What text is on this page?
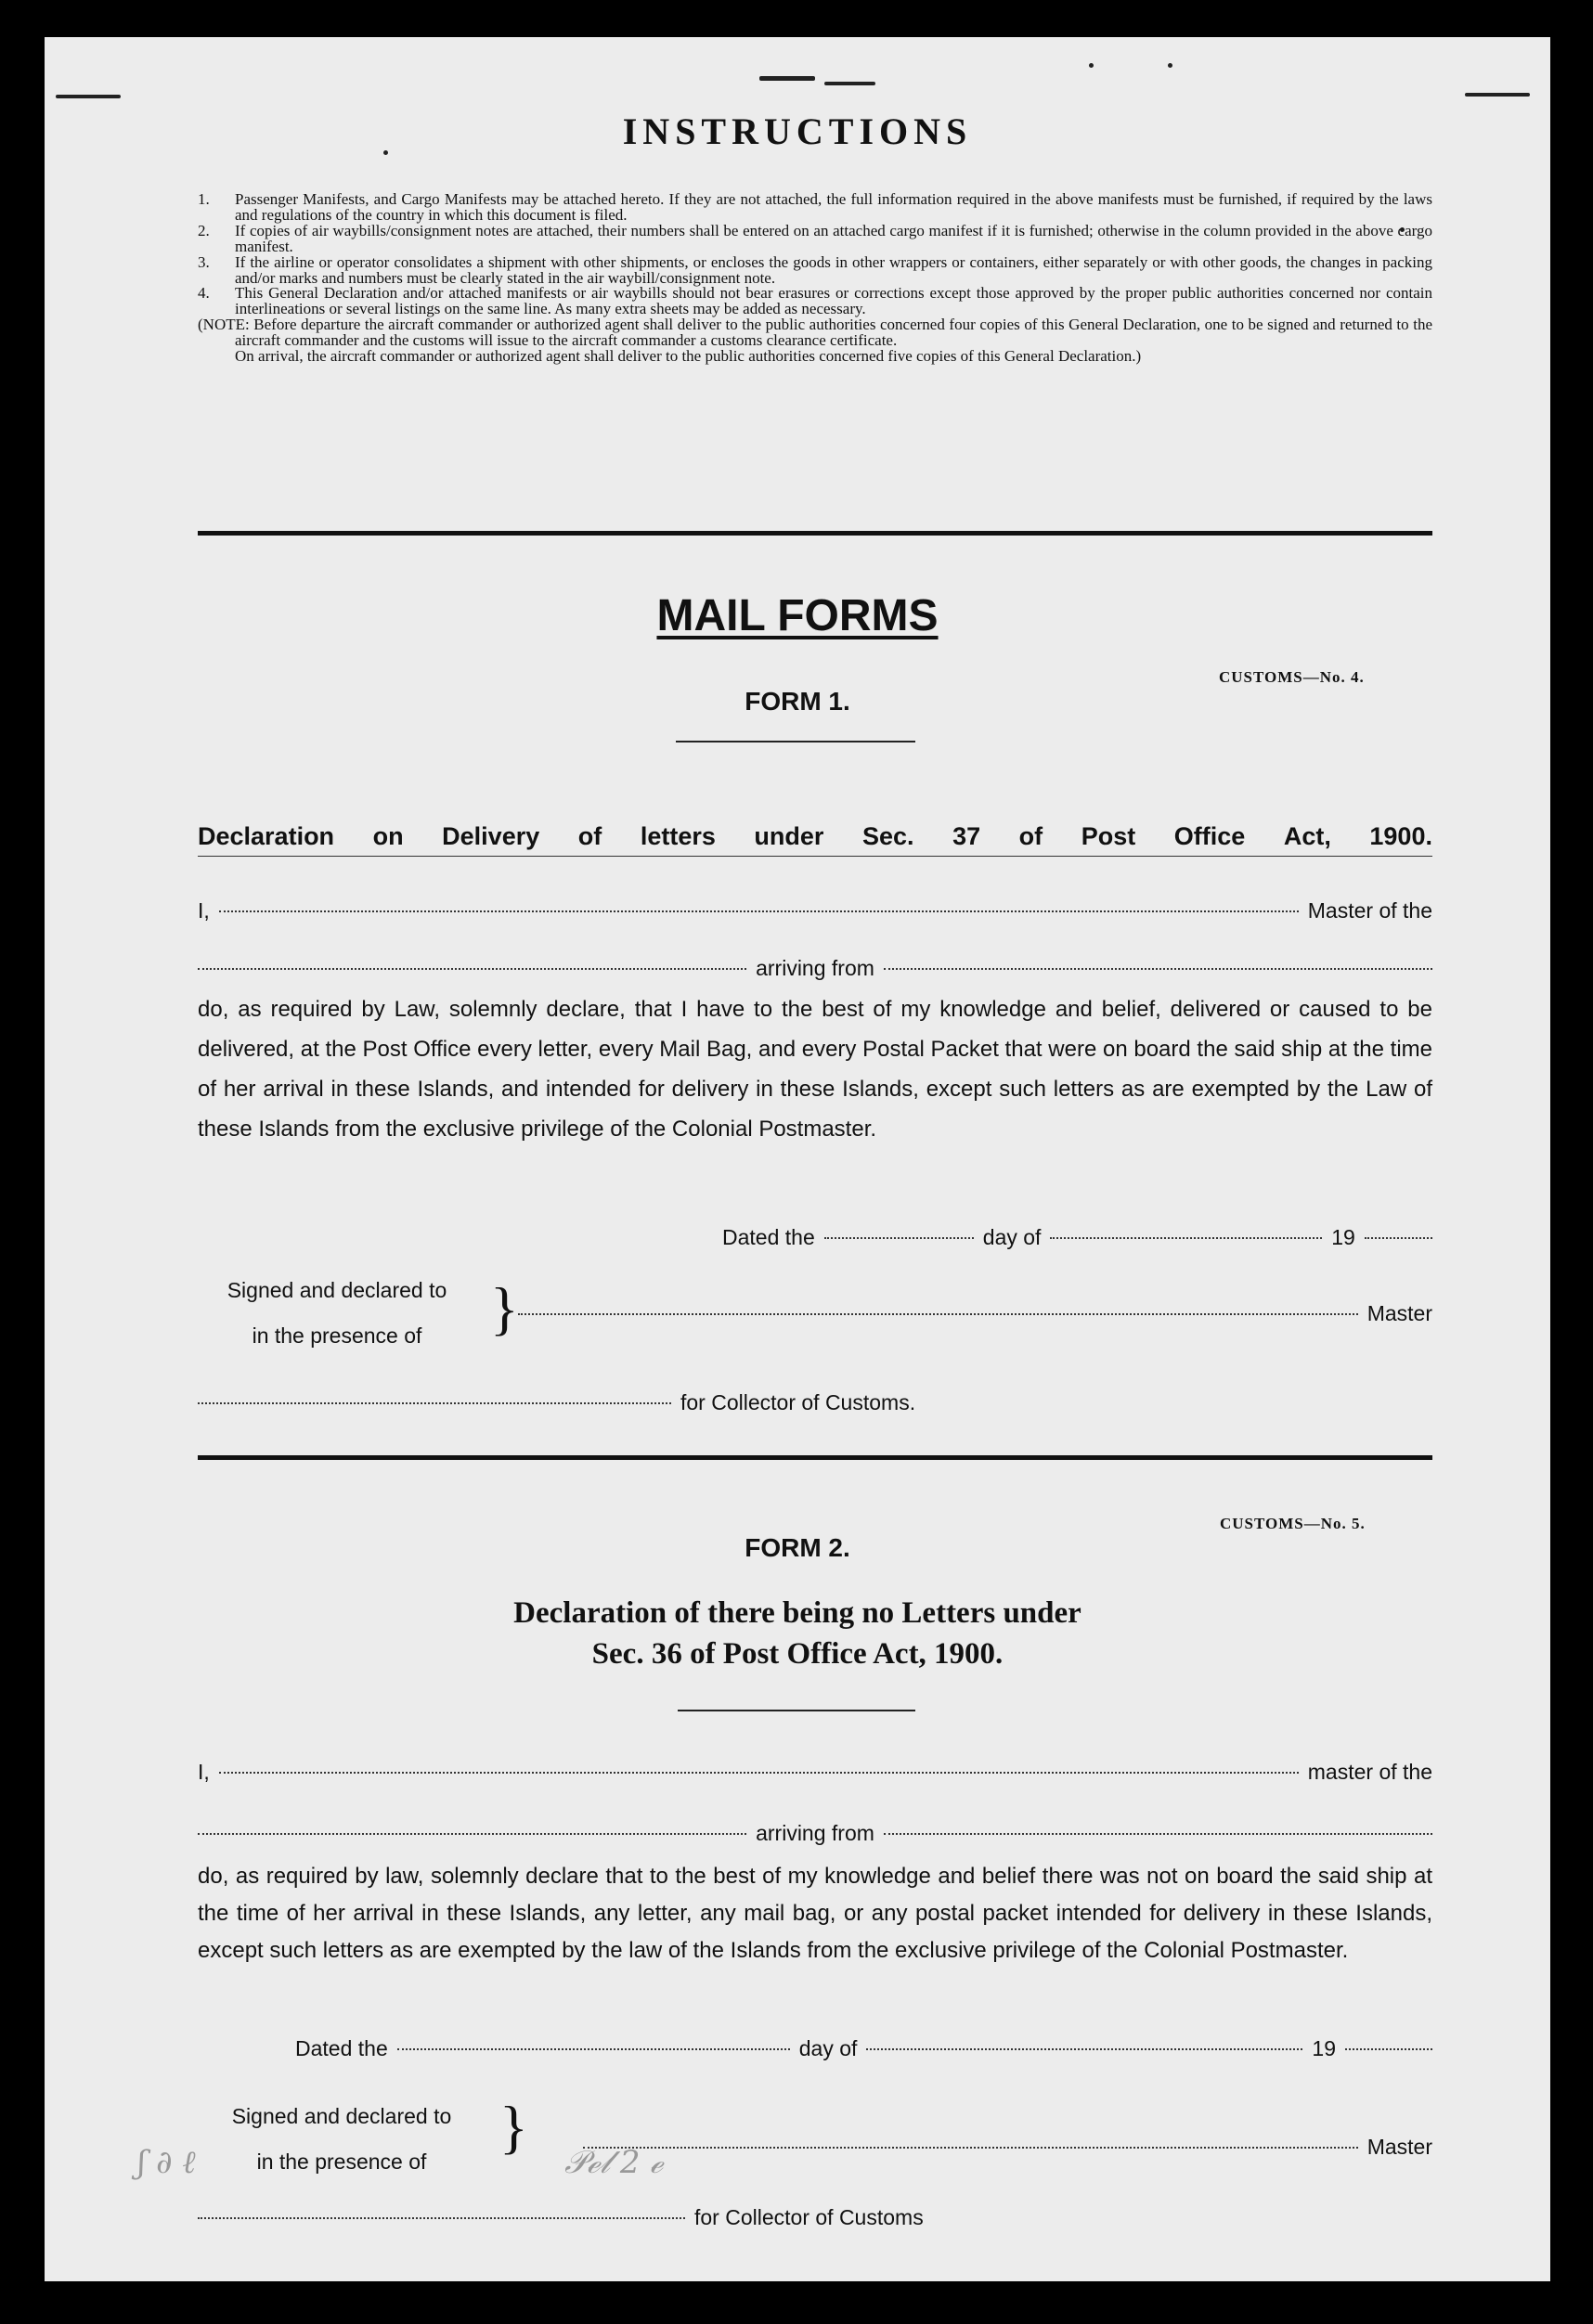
INSTRUCTIONS
1.	Passenger Manifests, and Cargo Manifests may be attached hereto. If they are not attached, the full information required in the above manifests must be furnished, if required by the laws and regulations of the country in which this document is filed.
2.	If copies of air waybills/consignment notes are attached, their numbers shall be entered on an attached cargo manifest if it is furnished; otherwise in the column provided in the above cargo manifest.
3.	If the airline or operator consolidates a shipment with other shipments, or encloses the goods in other wrappers or containers, either separately or with other goods, the changes in packing and/or marks and numbers must be clearly stated in the air waybill/consignment note.
4.	This General Declaration and/or attached manifests or air waybills should not bear erasures or corrections except those approved by the proper public authorities concerned nor contain interlineations or several listings on the same line. As many extra sheets may be added as necessary.
(NOTE: Before departure the aircraft commander or authorized agent shall deliver to the public authorities concerned four copies of this General Declaration, one to be signed and returned to the aircraft commander and the customs will issue to the aircraft commander a customs clearance certificate.
On arrival, the aircraft commander or authorized agent shall deliver to the public authorities concerned five copies of this General Declaration.)
MAIL FORMS
CUSTOMS—No. 4.
FORM 1.
Declaration on Delivery of letters under Sec. 37 of Post Office Act, 1900.
I,	Master of the
arriving from
do, as required by Law, solemnly declare, that I have to the best of my knowledge and belief, delivered or caused to be delivered, at the Post Office every letter, every Mail Bag, and every Postal Packet that were on board the said ship at the time of her arrival in these Islands, and intended for delivery in these Islands, except such letters as are exempted by the Law of these Islands from the exclusive privilege of the Colonial Postmaster.
Dated the	day of	19
Signed and declared to
in the presence of	}	Master
for Collector of Customs.
CUSTOMS—No. 5.
FORM 2.
Declaration of there being no Letters under
Sec. 36 of Post Office Act, 1900.
I,	master of the
arriving from
do, as required by law, solemnly declare that to the best of my knowledge and belief there was not on board the said ship at the time of her arrival in these Islands, any letter, any mail bag, or any postal packet intended for delivery in these Islands, except such letters as are exempted by the law of the Islands from the exclusive privilege of the Colonial Postmaster.
Dated the	day of	19
Signed and declared to
in the presence of
}
ʃ ∂ ℓ	𝒫ℯ𝓁 2 ℯ	Master
for Collector of Customs
